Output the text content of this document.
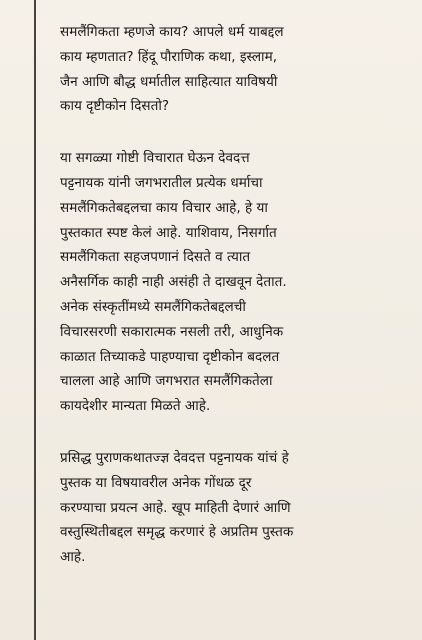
समलैंगिकता म्हणजे काय? आपले धर्म याबद्दल
काय म्हणतात? हिंदू पौराणिक कथा, इस्लाम,
जैन आणि बौद्ध धर्मातील साहित्यात याविषयी
काय दृष्टीकोन दिसतो?

या सगळ्या गोष्टी विचारात घेऊन देवदत्त
पट्टनायक यांनी जगभरातील प्रत्येक धर्माचा
समलैंगिकतेबद्दलचा काय विचार आहे, हे या
पुस्तकात स्पष्ट केलं आहे. याशिवाय, निसर्गात
समलैंगिकता सहजपणानं दिसते व त्यात
अनैसर्गिक काही नाही असंही ते दाखवून देतात.
अनेक संस्कृतींमध्ये समलैंगिकतेबद्दलची
विचारसरणी सकारात्मक नसली तरी, आधुनिक
काळात तिच्याकडे पाहण्याचा दृष्टीकोन बदलत
चालला आहे आणि जगभरात समलैंगिकतेला
कायदेशीर मान्यता मिळते आहे.

प्रसिद्ध पुराणकथातज्ज्ञ देवदत्त पट्टनायक यांचं हे
पुस्तक या विषयावरील अनेक गोंधळ दूर
करण्याचा प्रयत्न आहे. खूप माहिती देणारं आणि
वस्तुस्थितीबद्दल समृद्ध करणारं हे अप्रतिम पुस्तक
आहे.
